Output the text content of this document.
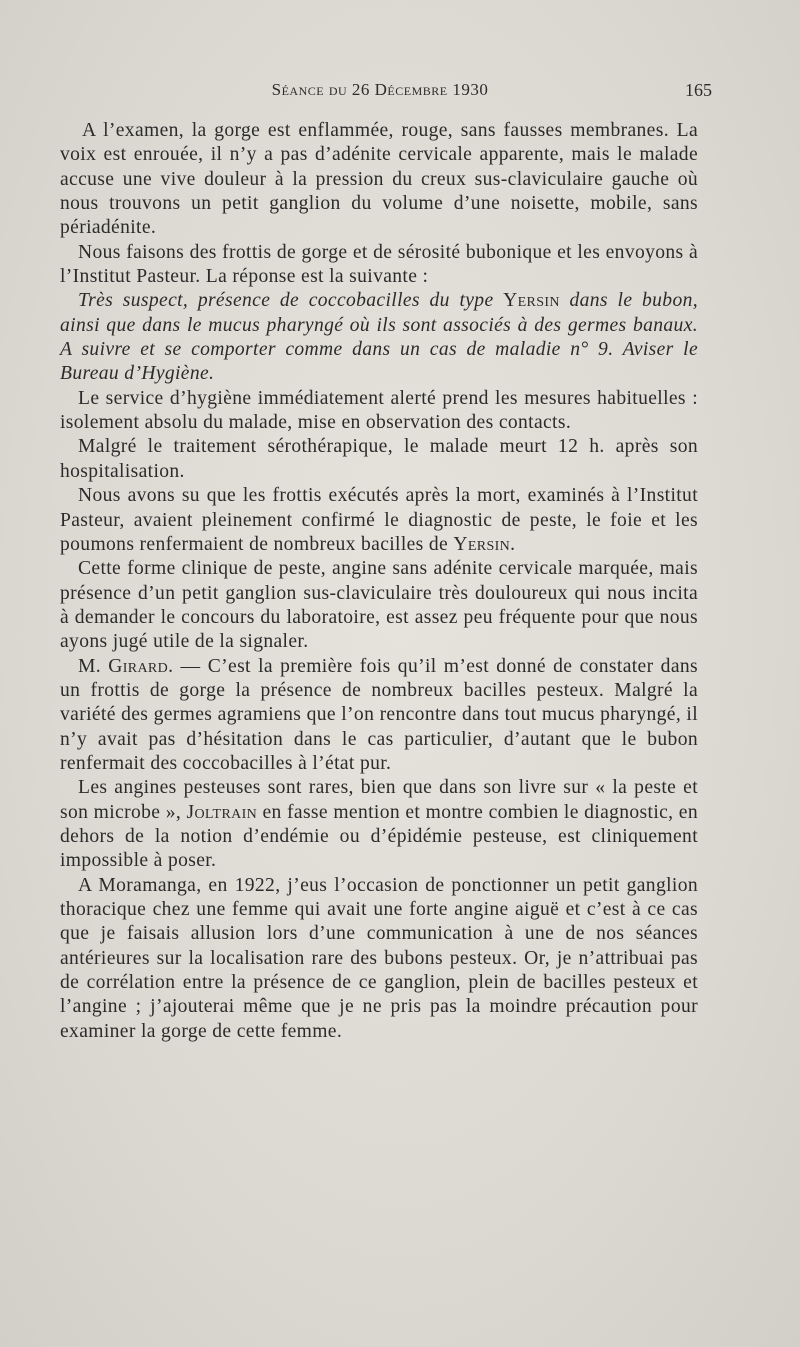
Séance du 26 Décembre 1930	165

A l’examen, la gorge est enflammée, rouge, sans fausses membranes. La voix est enrouée, il n’y a pas d’adénite cervicale apparente, mais le malade accuse une vive douleur à la pression du creux sus-claviculaire gauche où nous trouvons un petit ganglion du volume d’une noisette, mobile, sans périadénite.

Nous faisons des frottis de gorge et de sérosité bubonique et les envoyons à l’Institut Pasteur. La réponse est la suivante :

Très suspect, présence de coccobacilles du type Yersin dans le bubon, ainsi que dans le mucus pharyngé où ils sont associés à des germes banaux. A suivre et se comporter comme dans un cas de maladie n° 9. Aviser le Bureau d’Hygiène.

Le service d’hygiène immédiatement alerté prend les mesures habituelles : isolement absolu du malade, mise en observation des contacts.

Malgré le traitement sérothérapique, le malade meurt 12 h. après son hospitalisation.

Nous avons su que les frottis exécutés après la mort, examinés à l’Institut Pasteur, avaient pleinement confirmé le diagnostic de peste, le foie et les poumons renfermaient de nombreux bacilles de Yersin.

Cette forme clinique de peste, angine sans adénite cervicale marquée, mais présence d’un petit ganglion sus-claviculaire très douloureux qui nous incita à demander le concours du laboratoire, est assez peu fréquente pour que nous ayons jugé utile de la signaler.

M. Girard. — C’est la première fois qu’il m’est donné de constater dans un frottis de gorge la présence de nombreux bacilles pesteux. Malgré la variété des germes agramiens que l’on rencontre dans tout mucus pharyngé, il n’y avait pas d’hésitation dans le cas particulier, d’autant que le bubon renfermait des coccobacilles à l’état pur.

Les angines pesteuses sont rares, bien que dans son livre sur « la peste et son microbe », Joltrain en fasse mention et montre combien le diagnostic, en dehors de la notion d’endémie ou d’épidémie pesteuse, est cliniquement impossible à poser.

A Moramanga, en 1922, j’eus l’occasion de ponctionner un petit ganglion thoracique chez une femme qui avait une forte angine aiguë et c’est à ce cas que je faisais allusion lors d’une communication à une de nos séances antérieures sur la localisation rare des bubons pesteux. Or, je n’attribuai pas de corrélation entre la présence de ce ganglion, plein de bacilles pesteux et l’angine ; j’ajouterai même que je ne pris pas la moindre précaution pour examiner la gorge de cette femme.
